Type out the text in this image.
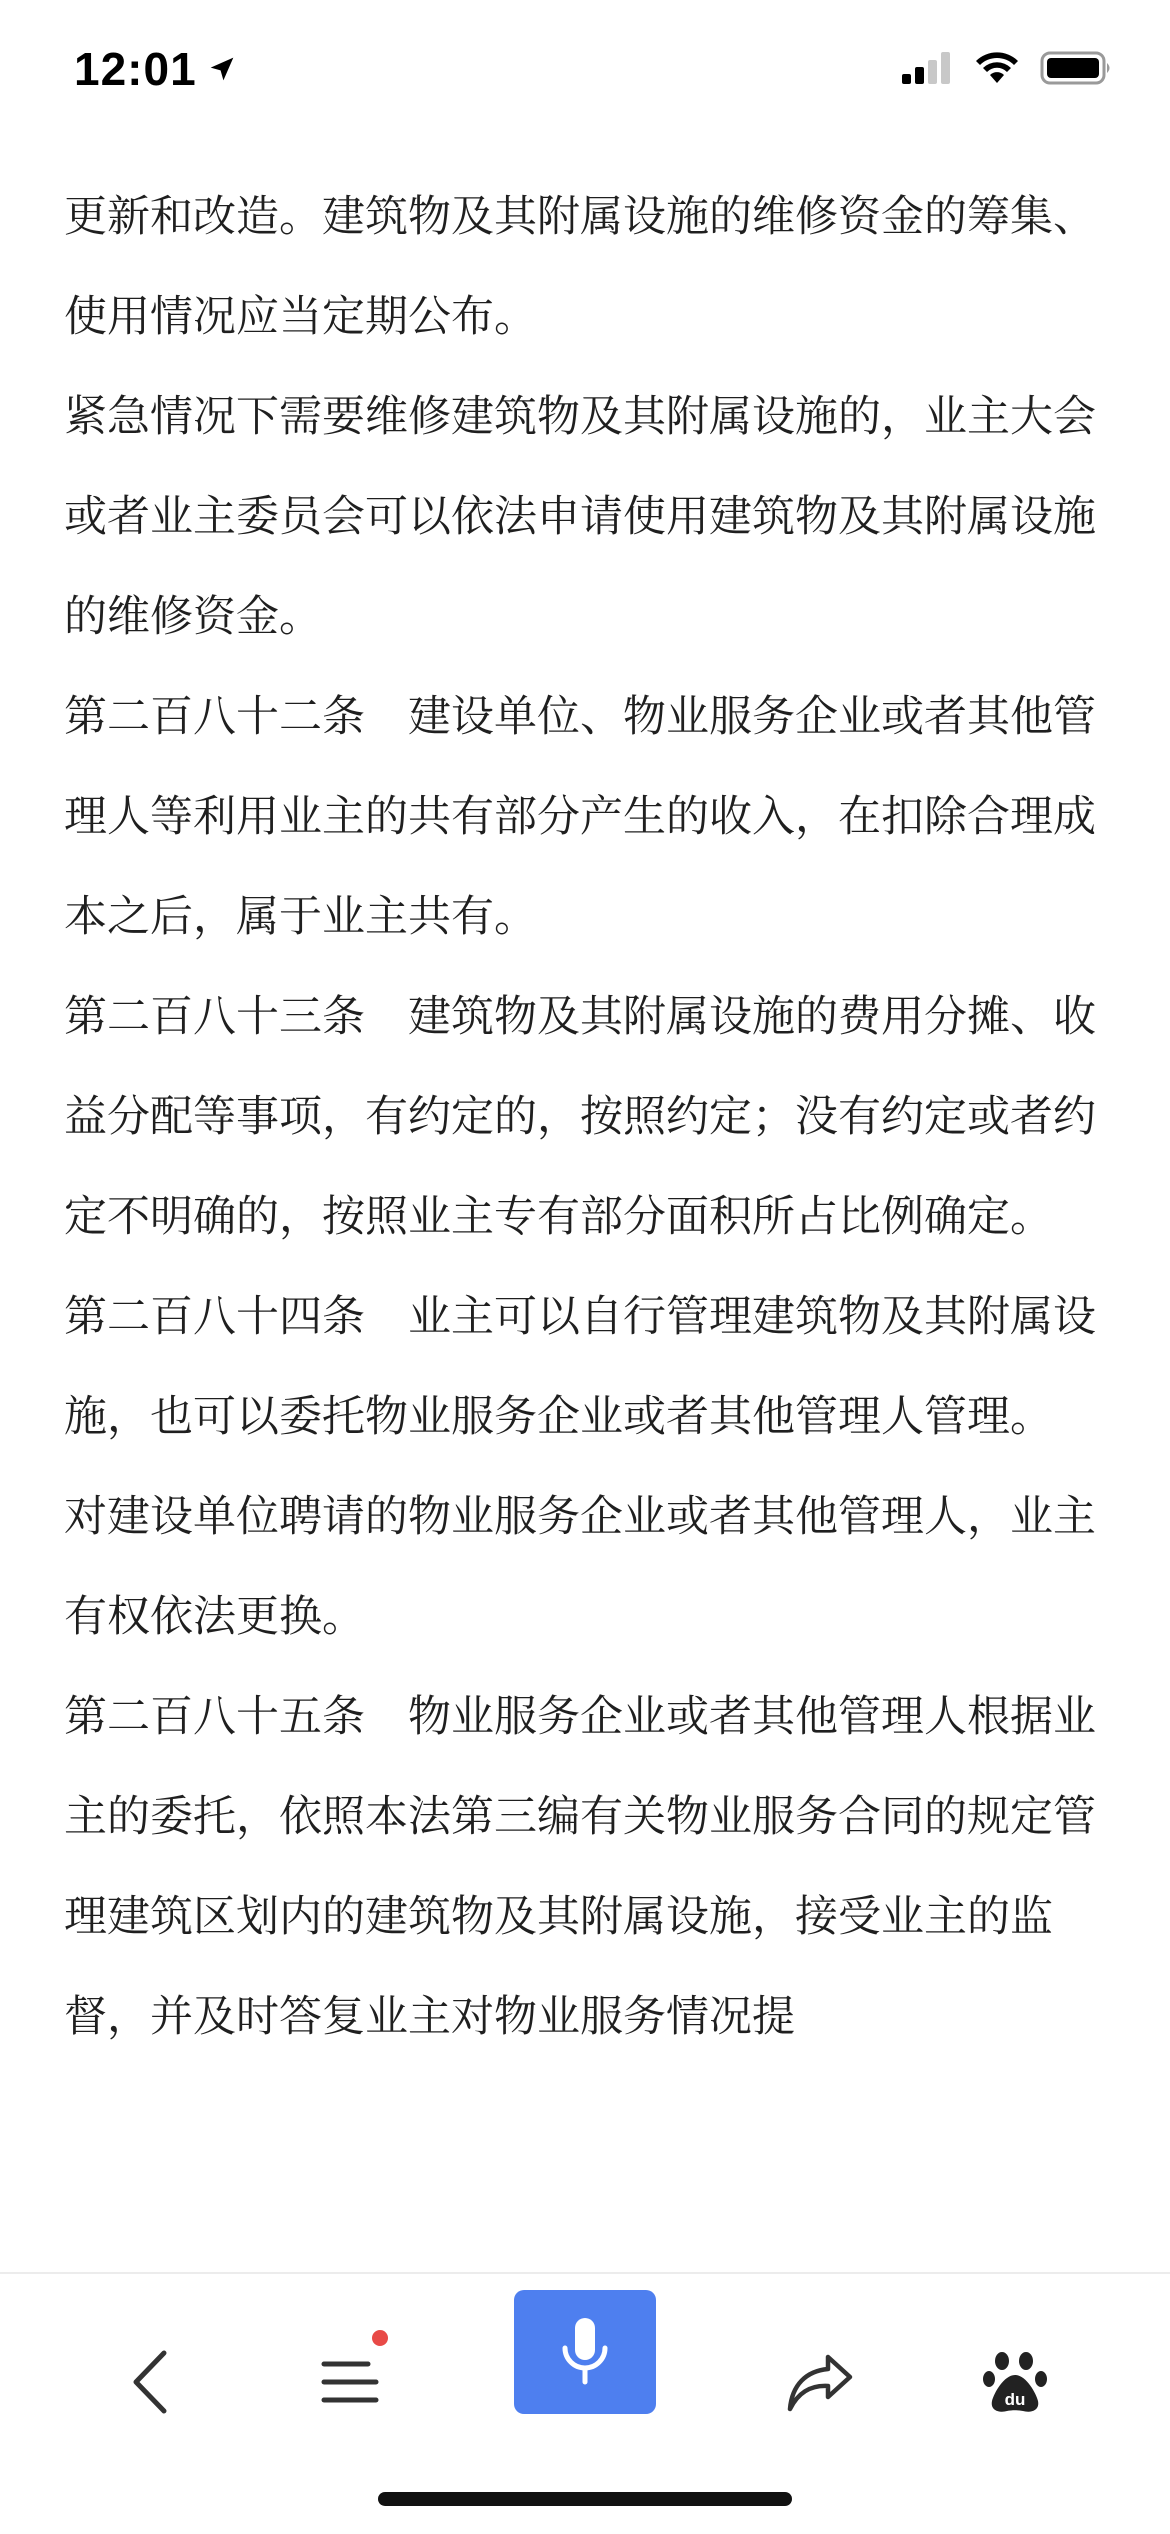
12:01

更新和改造。建筑物及其附属设施的维修资金的筹集、使用情况应当定期公布。

紧急情况下需要维修建筑物及其附属设施的，业主大会或者业主委员会可以依法申请使用建筑物及其附属设施的维修资金。

第二百八十二条　建设单位、物业服务企业或者其他管理人等利用业主的共有部分产生的收入，在扣除合理成本之后，属于业主共有。

第二百八十三条　建筑物及其附属设施的费用分摊、收益分配等事项，有约定的，按照约定；没有约定或者约定不明确的，按照业主专有部分面积所占比例确定。

第二百八十四条　业主可以自行管理建筑物及其附属设施，也可以委托物业服务企业或者其他管理人管理。

对建设单位聘请的物业服务企业或者其他管理人，业主有权依法更换。

第二百八十五条　物业服务企业或者其他管理人根据业主的委托，依照本法第三编有关物业服务合同的规定管理建筑区划内的建筑物及其附属设施，接受业主的监督，并及时答复业主对物业服务情况提

du
